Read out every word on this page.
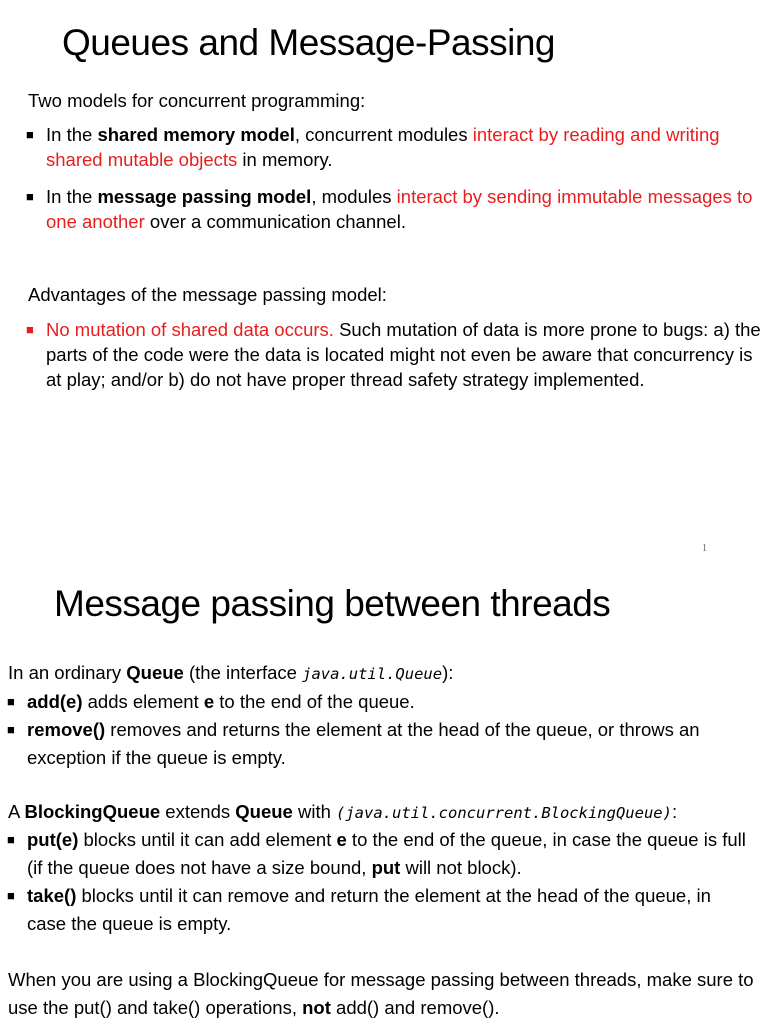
Queues and Message-Passing
Two models for concurrent programming:
■ In the shared memory model, concurrent modules interact by reading and writing shared mutable objects in memory.
■ In the message passing model, modules interact by sending immutable messages to one another over a communication channel.
Advantages of the message passing model:
■ No mutation of shared data occurs. Such mutation of data is more prone to bugs: a) the parts of the code were the data is located might not even be aware that concurrency is at play; and/or b) do not have proper thread safety strategy implemented.
1
Message passing between threads
In an ordinary Queue (the interface java.util.Queue):
■ add(e) adds element e to the end of the queue.
■ remove() removes and returns the element at the head of the queue, or throws an exception if the queue is empty.
A BlockingQueue extends Queue with (java.util.concurrent.BlockingQueue):
■ put(e) blocks until it can add element e to the end of the queue, in case the queue is full (if the queue does not have a size bound, put will not block).
■ take() blocks until it can remove and return the element at the head of the queue, in case the queue is empty.
When you are using a BlockingQueue for message passing between threads, make sure to use the put() and take() operations, not add() and remove().
